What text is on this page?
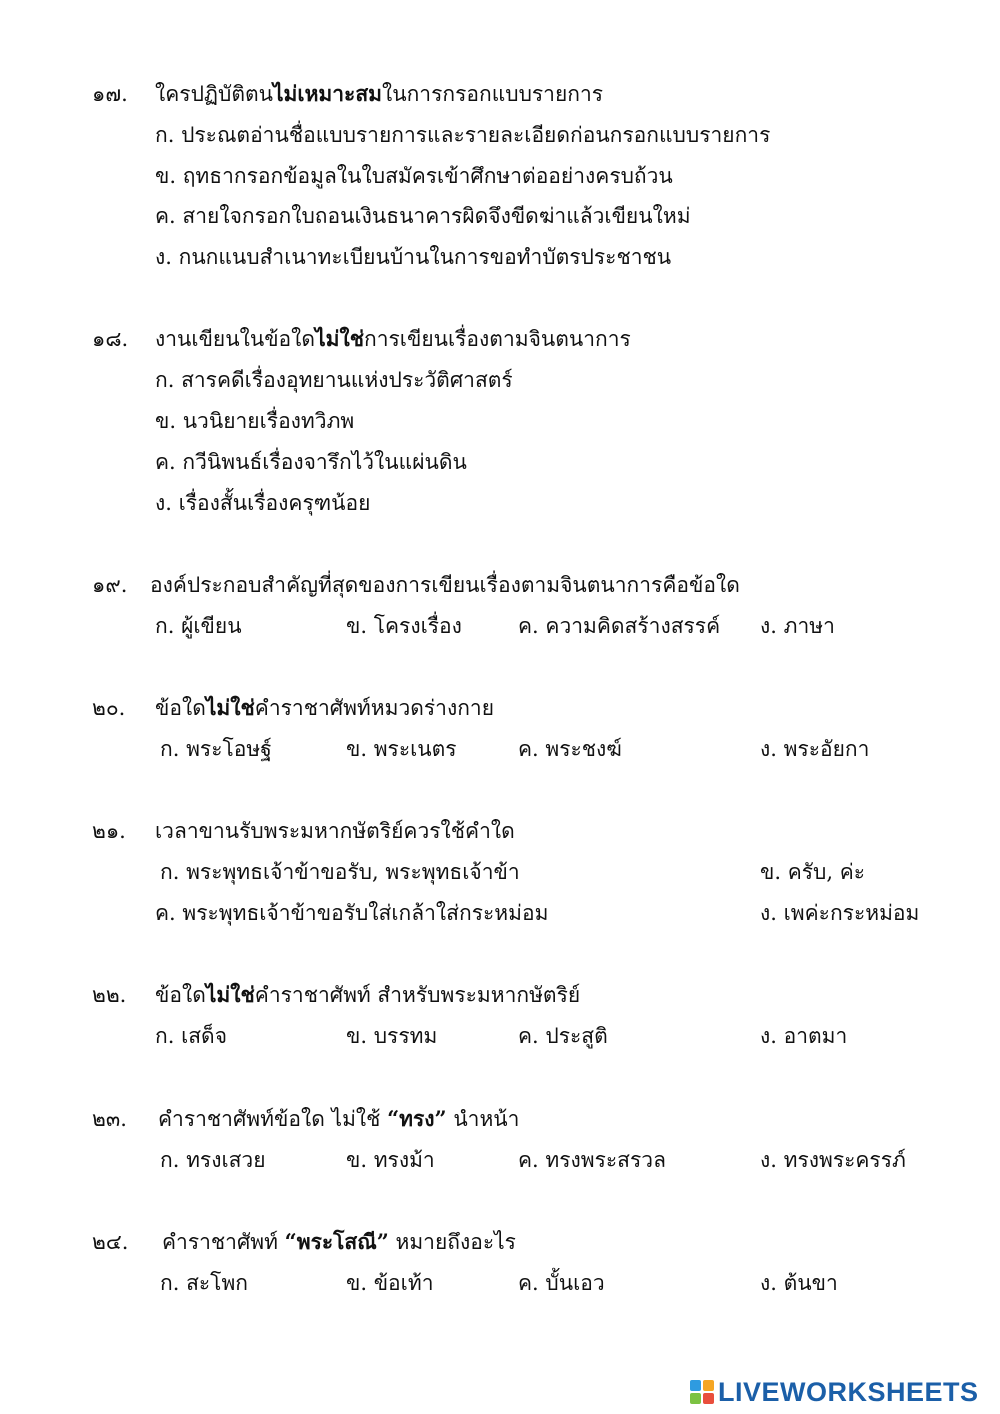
๑๗. ใครปฏิบัติตนไม่เหมาะสมในการกรอกแบบรายการ
ก. ประณตอ่านชื่อแบบรายการและรายละเอียดก่อนกรอกแบบรายการ
ข. ฤทธากรอกข้อมูลในใบสมัครเข้าศึกษาต่ออย่างครบถ้วน
ค. สายใจกรอกใบถอนเงินธนาคารผิดจึงขีดฆ่าแล้วเขียนใหม่
ง. กนกแนบสำเนาทะเบียนบ้านในการขอทำบัตรประชาชน
๑๘. งานเขียนในข้อใดไม่ใช่การเขียนเรื่องตามจินตนาการ
ก. สารคดีเรื่องอุทยานแห่งประวัติศาสตร์
ข. นวนิยายเรื่องทวิภพ
ค. กวีนิพนธ์เรื่องจารึกไว้ในแผ่นดิน
ง. เรื่องสั้นเรื่องครุฑน้อย
๑๙. องค์ประกอบสำคัญที่สุดของการเขียนเรื่องตามจินตนาการคือข้อใด
ก. ผู้เขียน	ข. โครงเรื่อง	ค. ความคิดสร้างสรรค์ ง. ภาษา
๒๐. ข้อใดไม่ใช่คำราชาศัพท์หมวดร่างกาย
ก. พระโอษฐ์	ข. พระเนตร	ค. พระชงฆ์	ง. พระอัยกา
๒๑. เวลาขานรับพระมหากษัตริย์ควรใช้คำใด
ก. พระพุทธเจ้าข้าขอรับ, พระพุทธเจ้าข้า	ข. ครับ, ค่ะ
ค. พระพุทธเจ้าข้าขอรับใส่เกล้าใส่กระหม่อม	ง. เพค่ะกระหม่อม
๒๒. ข้อใดไม่ใช่คำราชาศัพท์ สำหรับพระมหากษัตริย์
ก. เสด็จ	ข. บรรทม	ค. ประสูติ	ง. อาตมา
๒๓. คำราชาศัพท์ข้อใด ไม่ใช้ “ทรง” นำหน้า
ก. ทรงเสวย	ข. ทรงม้า	ค. ทรงพระสรวล	ง. ทรงพระครรภ์
๒๔. คำราชาศัพท์ “พระโสณี” หมายถึงอะไร
ก. สะโพก	ข. ข้อเท้า	ค. บั้นเอว	ง. ต้นขา
LIVEWORKSHEETS
